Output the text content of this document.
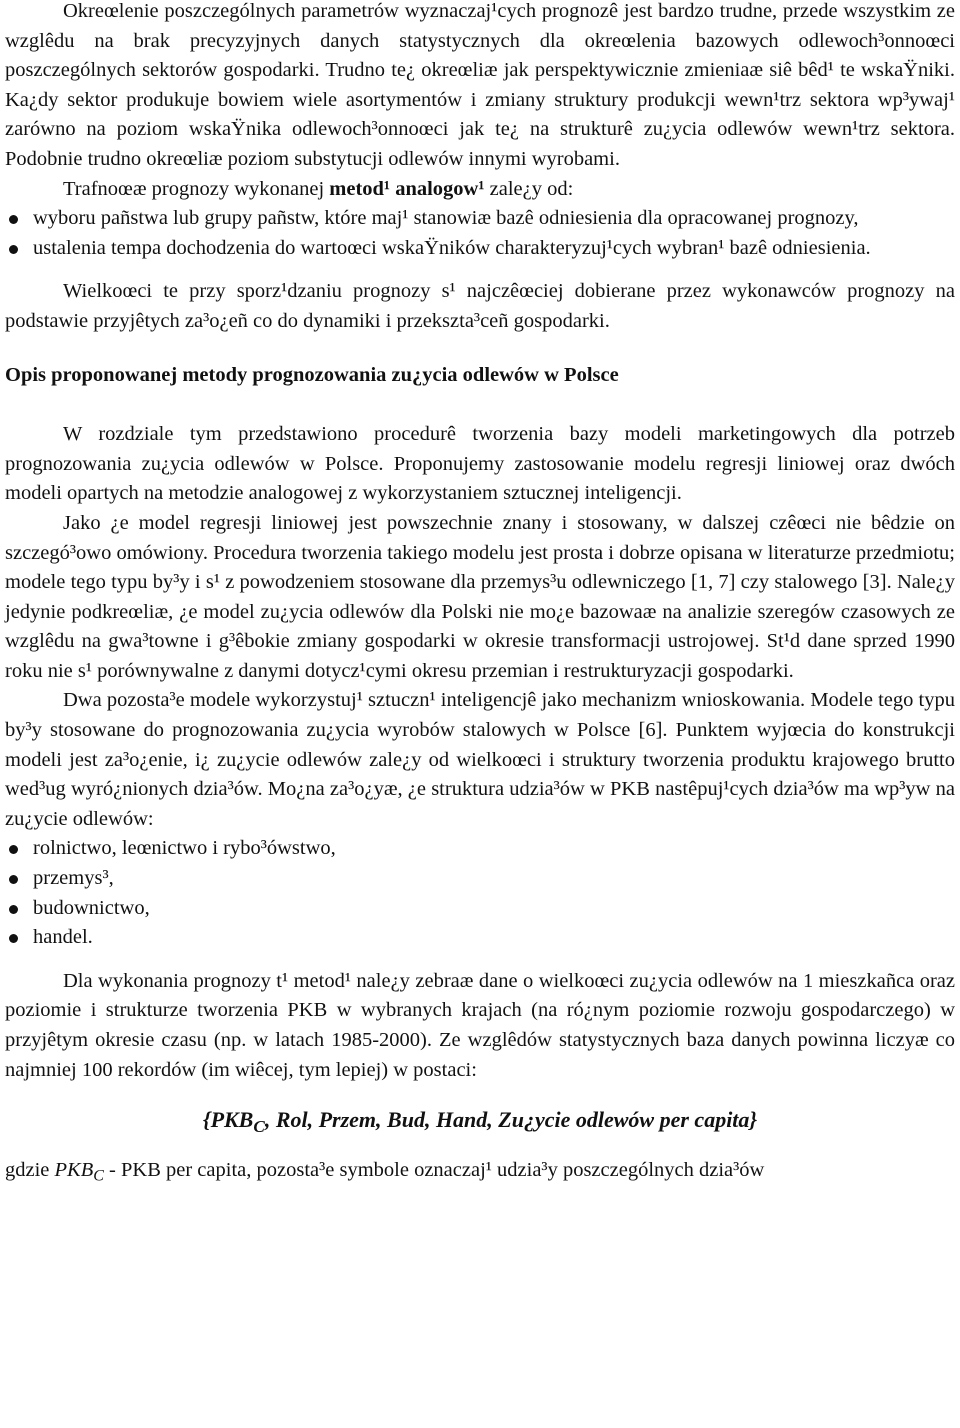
Okreœlenie poszczególnych parametrów wyznaczaj¹cych prognozê jest bardzo trudne, przede wszystkim ze wzglêdu na brak precyzyjnych danych statystycznych dla okreœlenia bazowych odlewoch³onnoœci poszczególnych sektorów gospodarki. Trudno te¿ okreœliæ jak perspektywicznie zmieniaæ siê bêd¹ te wskaŸniki. Ka¿dy sektor produkuje bowiem wiele asortymentów i zmiany struktury produkcji wewn¹trz sektora wp³ywaj¹ zarówno na poziom wskaŸnika odlewoch³onnoœci jak te¿ na strukturê zu¿ycia odlewów wewn¹trz sektora. Podobnie trudno okreœliæ poziom substytucji odlewów innymi wyrobami.

Trafnoœæ prognozy wykonanej metod¹ analogow¹ zale¿y od:

wyboru pañstwa lub grupy pañstw, które maj¹ stanowiæ bazê odniesienia dla opracowanej prognozy,
ustalenia tempa dochodzenia do wartoœci wskaŸników charakteryzuj¹cych wybran¹ bazê odniesienia.

Wielkoœci te przy sporz¹dzaniu prognozy s¹ najczêœciej dobierane przez wykonawców prognozy na podstawie przyjêtych za³o¿eñ co do dynamiki i przekszta³ceñ gospodarki.

Opis proponowanej metody prognozowania zu¿ycia odlewów w Polsce

W rozdziale tym przedstawiono procedurê tworzenia bazy modeli marketingowych dla potrzeb prognozowania zu¿ycia odlewów w Polsce. Proponujemy zastosowanie modelu regresji liniowej oraz dwóch modeli opartych na metodzie analogowej z wykorzystaniem sztucznej inteligencji.

Jako ¿e model regresji liniowej jest powszechnie znany i stosowany, w dalszej czêœci nie bêdzie on szczegó³owo omówiony. Procedura tworzenia takiego modelu jest prosta i dobrze opisana w literaturze przedmiotu; modele tego typu by³y i s¹ z powodzeniem stosowane dla przemys³u odlewniczego [1, 7] czy stalowego [3]. Nale¿y jedynie podkreœliæ, ¿e model zu¿ycia odlewów dla Polski nie mo¿e bazowaæ na analizie szeregów czasowych ze wzglêdu na gwa³towne i g³êbokie zmiany gospodarki w okresie transformacji ustrojowej. St¹d dane sprzed 1990 roku nie s¹ porównywalne z danymi dotycz¹cymi okresu przemian i restrukturyzacji gospodarki.

Dwa pozosta³e modele wykorzystuj¹ sztuczn¹ inteligencjê jako mechanizm wnioskowania. Modele tego typu by³y stosowane do prognozowania zu¿ycia wyrobów stalowych w Polsce [6]. Punktem wyjœcia do konstrukcji modeli jest za³o¿enie, i¿ zu¿ycie odlewów zale¿y od wielkoœci i struktury tworzenia produktu krajowego brutto wed³ug wyró¿nionych dzia³ów. Mo¿na za³o¿yæ, ¿e struktura udzia³ów w PKB nastêpuj¹cych dzia³ów ma wp³yw na zu¿ycie odlewów:

rolnictwo, leœnictwo i rybo³ówstwo,
przemys³,
budownictwo,
handel.

Dla wykonania prognozy t¹ metod¹ nale¿y zebraæ dane o wielkoœci zu¿ycia odlewów na 1 mieszkañca oraz poziomie i strukturze tworzenia PKB w wybranych krajach (na ró¿nym poziomie rozwoju gospodarczego) w przyjêtym okresie czasu (np. w latach 1985-2000). Ze wzglêdów statystycznych baza danych powinna liczyæ co najmniej 100 rekordów (im wiêcej, tym lepiej) w postaci:

{$PKB_C$, Rol, Przem, Bud, Hand, Zu¿ycie odlewów per capita}

gdzie $PKB_C$ - PKB per capita, pozosta³e symbole oznaczaj¹ udzia³y poszczególnych dzia³ów
